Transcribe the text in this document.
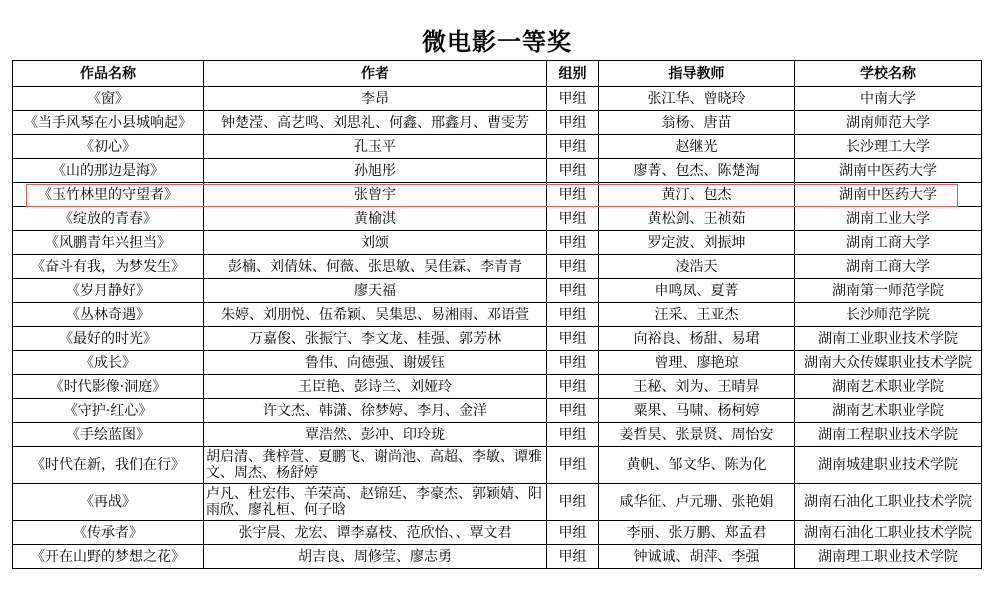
微电影一等奖
作品名称	作者	组别	指导教师	学校名称
《窗》	李昂	甲组	张江华、曾晓玲	中南大学
《当手风琴在小县城响起》	钟楚滢、高艺鸣、刘思礼、何鑫、邢鑫月、曹雯芳	甲组	翁杨、唐苗	湖南师范大学
《初心》	孔玉平	甲组	赵继光	长沙理工大学
《山的那边是海》	孙旭彤	甲组	廖菁、包杰、陈楚淘	湖南中医药大学
《玉竹林里的守望者》	张曾宇	甲组	黄汀、包杰	湖南中医药大学
《绽放的青春》	黄榆淇	甲组	黄松剑、王祯茹	湖南工业大学
《风鹏青年兴担当》	刘颂	甲组	罗定波、刘振坤	湖南工商大学
《奋斗有我，为梦发生》	彭楠、刘倩妹、何薇、张思敏、吴佳霖、李青青	甲组	凌浩天	湖南工商大学
《岁月静好》	廖天福	甲组	申鸣凤、夏菁	湖南第一师范学院
《丛林奇遇》	朱婷、刘朋悦、伍希颖、吴集思、易湘雨、邓语萱	甲组	汪采、王亚杰	长沙师范学院
《最好的时光》	万嘉俊、张振宁、李文龙、桂强、郭芳林	甲组	向裕良、杨甜、易珺	湖南工业职业技术学院
《成长》	鲁伟、向德强、谢媛钰	甲组	曾理、廖艳琼	湖南大众传媒职业技术学院
《时代影像·洞庭》	王臣艳、彭诗兰、刘娅玲	甲组	王秘、刘为、王晴昇	湖南艺术职业学院
《守护·红心》	许文杰、韩潇、徐梦婷、李月、金洋	甲组	粟果、马啸、杨柯婷	湖南艺术职业学院
《手绘蓝图》	覃浩然、彭冲、印玲珑	甲组	姜哲昊、张景贤、周怡安	湖南工程职业技术学院
《时代在新，我们在行》	胡启清、龚梓萱、夏鹏飞、谢尚池、高超、李敏、谭雅文、周杰、杨舒婷	甲组	黄帆、邹文华、陈为化	湖南城建职业技术学院
《再战》	卢凡、杜宏伟、羊荣高、赵锦廷、李豪杰、郭颖婧、阳雨欣、廖礼桓、何子晗	甲组	咸华征、卢元珊、张艳娟	湖南石油化工职业技术学院
《传承者》	张宇晨、龙宏、谭李嘉枝、范欣怡、、覃文君	甲组	李丽、张万鹏、郑孟君	湖南石油化工职业技术学院
《开在山野的梦想之花》	胡吉良、周修莹、廖志勇	甲组	钟诚诚、胡萍、李强	湖南理工职业技术学院
